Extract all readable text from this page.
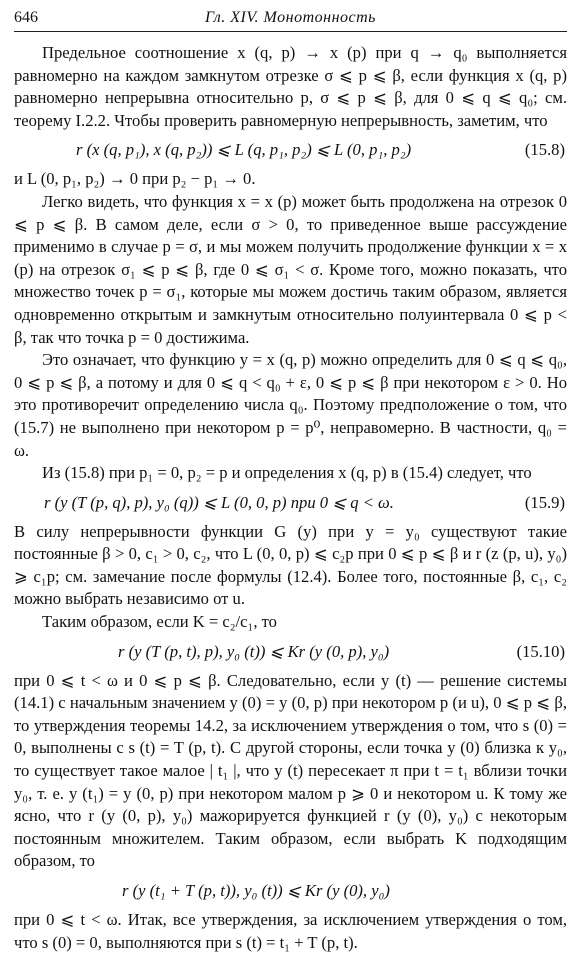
646	Гл. XIV. Монотонность

Предельное соотношение x (q, p) → x (p) при q → q₀ выполняется равномерно на каждом замкнутом отрезке σ ⩽ p ⩽ β, если функция x (q, p) равномерно непрерывна относительно p, σ ⩽ p ⩽ β, для 0 ⩽ q ⩽ q₀; см. теорему I.2.2. Чтобы проверить равномерную непрерывность, заметим, что

r (x (q, p₁), x (q, p₂)) ⩽ L (q, p₁, p₂) ⩽ L (0, p₁, p₂)	(15.8)

и L (0, p₁, p₂) → 0 при p₂ − p₁ → 0.

Легко видеть, что функция x = x (p) может быть продолжена на отрезок 0 ⩽ p ⩽ β. В самом деле, если σ > 0, то приведенное выше рассуждение применимо в случае p = σ, и мы можем получить продолжение функции x = x (p) на отрезок σ₁ ⩽ p ⩽ β, где 0 ⩽ σ₁ < σ. Кроме того, можно показать, что множество точек p = σ₁, которые мы можем достичь таким образом, является одновременно открытым и замкнутым относительно полуинтервала 0 ⩽ p < β, так что точка p = 0 достижима.

Это означает, что функцию y = x (q, p) можно определить для 0 ⩽ q ⩽ q₀, 0 ⩽ p ⩽ β, а потому и для 0 ⩽ q < q₀ + ε, 0 ⩽ p ⩽ β при некотором ε > 0. Но это противоречит определению числа q₀. Поэтому предположение о том, что (15.7) не выполнено при некотором p = p⁰, неправомерно. В частности, q₀ = ω.

Из (15.8) при p₁ = 0, p₂ = p и определения x (q, p) в (15.4) следует, что

r (y (T (p, q), p), y₀ (q)) ⩽ L (0, 0, p) при 0 ⩽ q < ω.	(15.9)

В силу непрерывности функции G (y) при y = y₀ существуют такие постоянные β > 0, c₁ > 0, c₂, что L (0, 0, p) ⩽ c₂p при 0 ⩽ p ⩽ β и r (z (p, u), y₀) ⩾ c₁p; см. замечание после формулы (12.4). Более того, постоянные β, c₁, c₂ можно выбрать независимо от u.

Таким образом, если K = c₂/c₁, то

r (y (T (p, t), p), y₀ (t)) ⩽ Kr (y (0, p), y₀)	(15.10)

при 0 ⩽ t < ω и 0 ⩽ p ⩽ β. Следовательно, если y (t) — решение системы (14.1) с начальным значением y (0) = y (0, p) при некотором p (и u), 0 ⩽ p ⩽ β, то утверждения теоремы 14.2, за исключением утверждения о том, что s (0) = 0, выполнены с s (t) = T (p, t). С другой стороны, если точка y (0) близка к y₀, то существует такое малое | t₁ |, что y (t) пересекает π при t = t₁ вблизи точки y₀, т. е. y (t₁) = y (0, p) при некотором малом p ⩾ 0 и некотором u. К тому же ясно, что r (y (0, p), y₀) мажорируется функцией r (y (0), y₀) с некоторым постоянным множителем. Таким образом, если выбрать K подходящим образом, то

r (y (t₁ + T (p, t)), y₀ (t)) ⩽ Kr (y (0), y₀)

при 0 ⩽ t < ω. Итак, все утверждения, за исключением утверждения о том, что s (0) = 0, выполняются при s (t) = t₁ + T (p, t).
